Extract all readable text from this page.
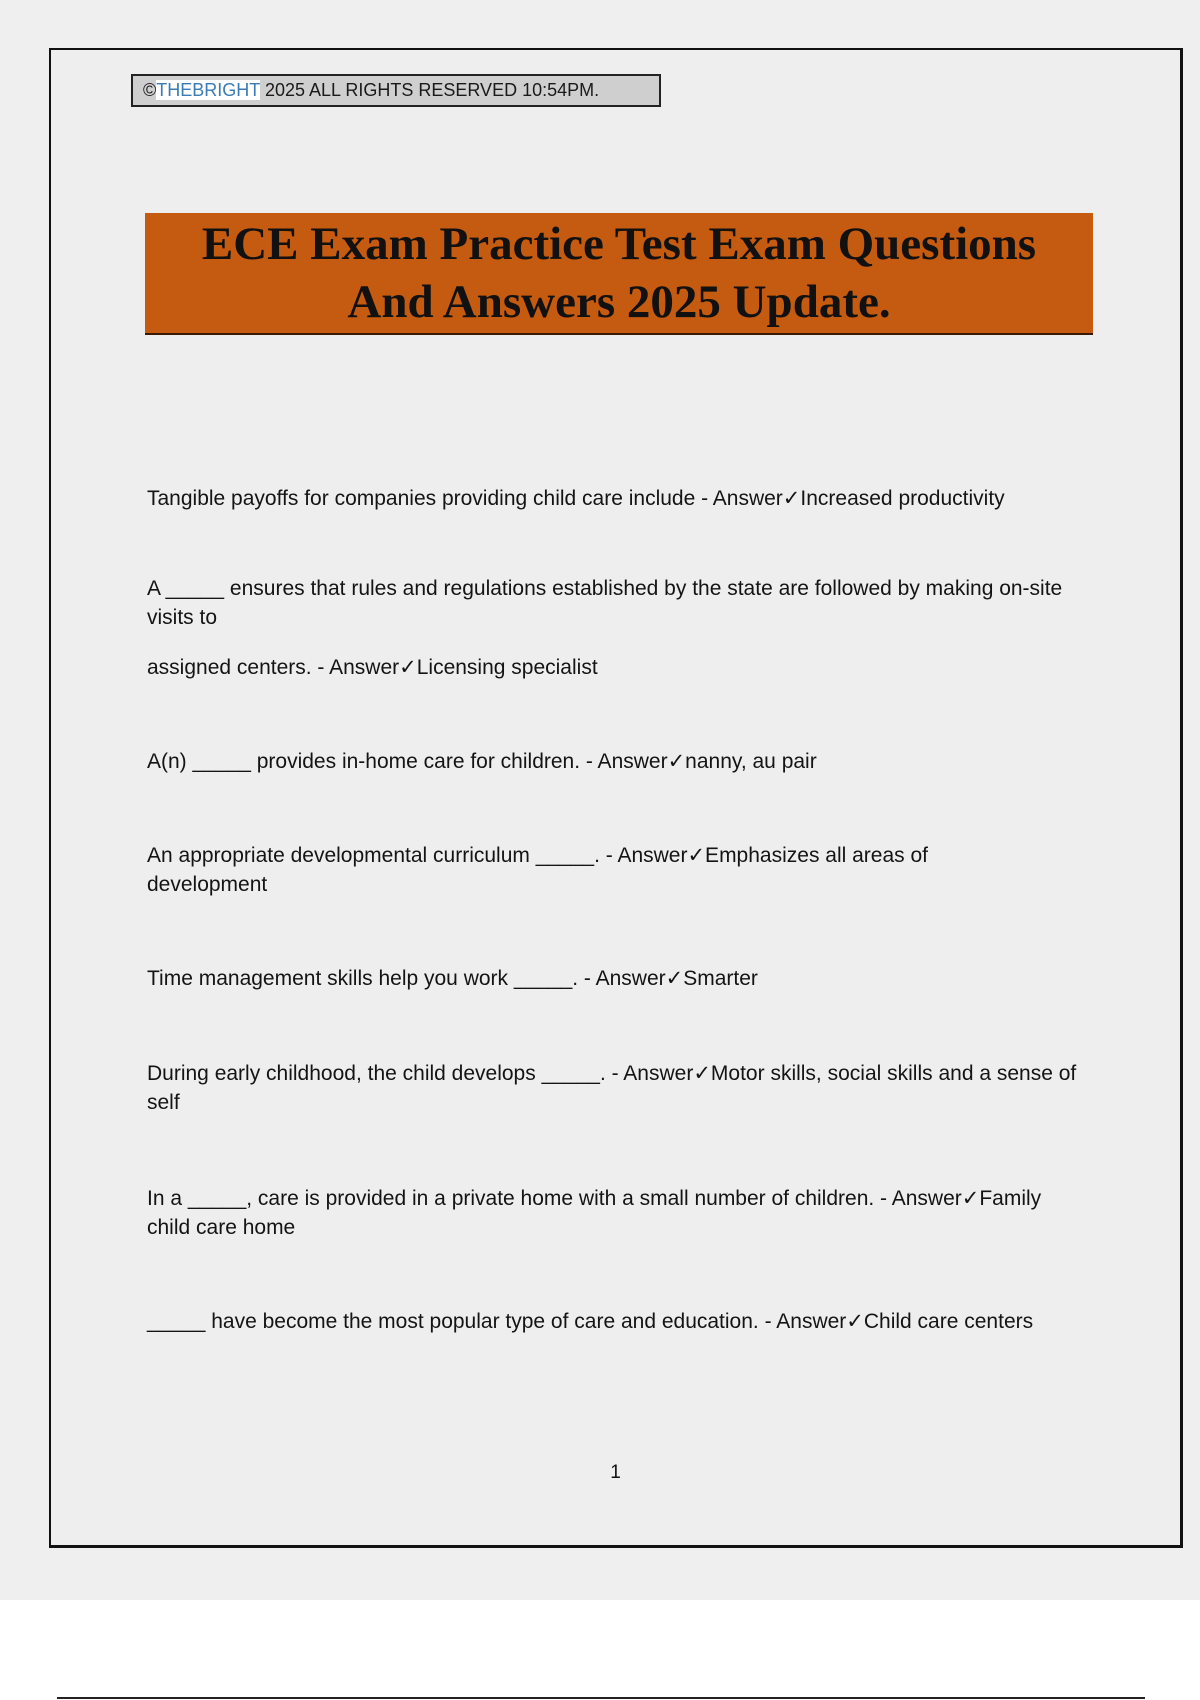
©THEBRIGHT 2025 ALL RIGHTS RESERVED 10:54PM.
ECE Exam Practice Test Exam Questions
And Answers 2025 Update.
Tangible payoffs for companies providing child care include - Answer✓Increased productivity
A _____ ensures that rules and regulations established by the state are followed by making on-site visits to
assigned centers. - Answer✓Licensing specialist
A(n) _____ provides in-home care for children. - Answer✓nanny, au pair
An appropriate developmental curriculum _____. - Answer✓Emphasizes all areas of development
Time management skills help you work _____. - Answer✓Smarter
During early childhood, the child develops _____. - Answer✓Motor skills, social skills and a sense of self
In a _____, care is provided in a private home with a small number of children. - Answer✓Family child care home
_____ have become the most popular type of care and education. - Answer✓Child care centers
1
